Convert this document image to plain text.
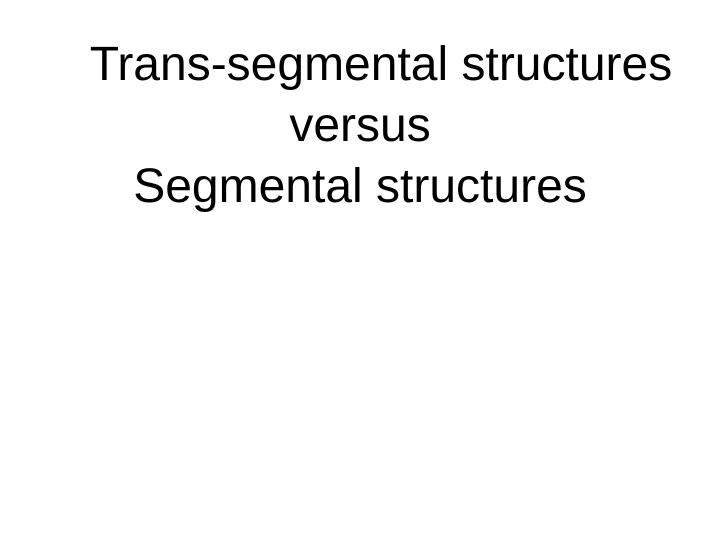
Trans-segmental structures
versus
Segmental structures
